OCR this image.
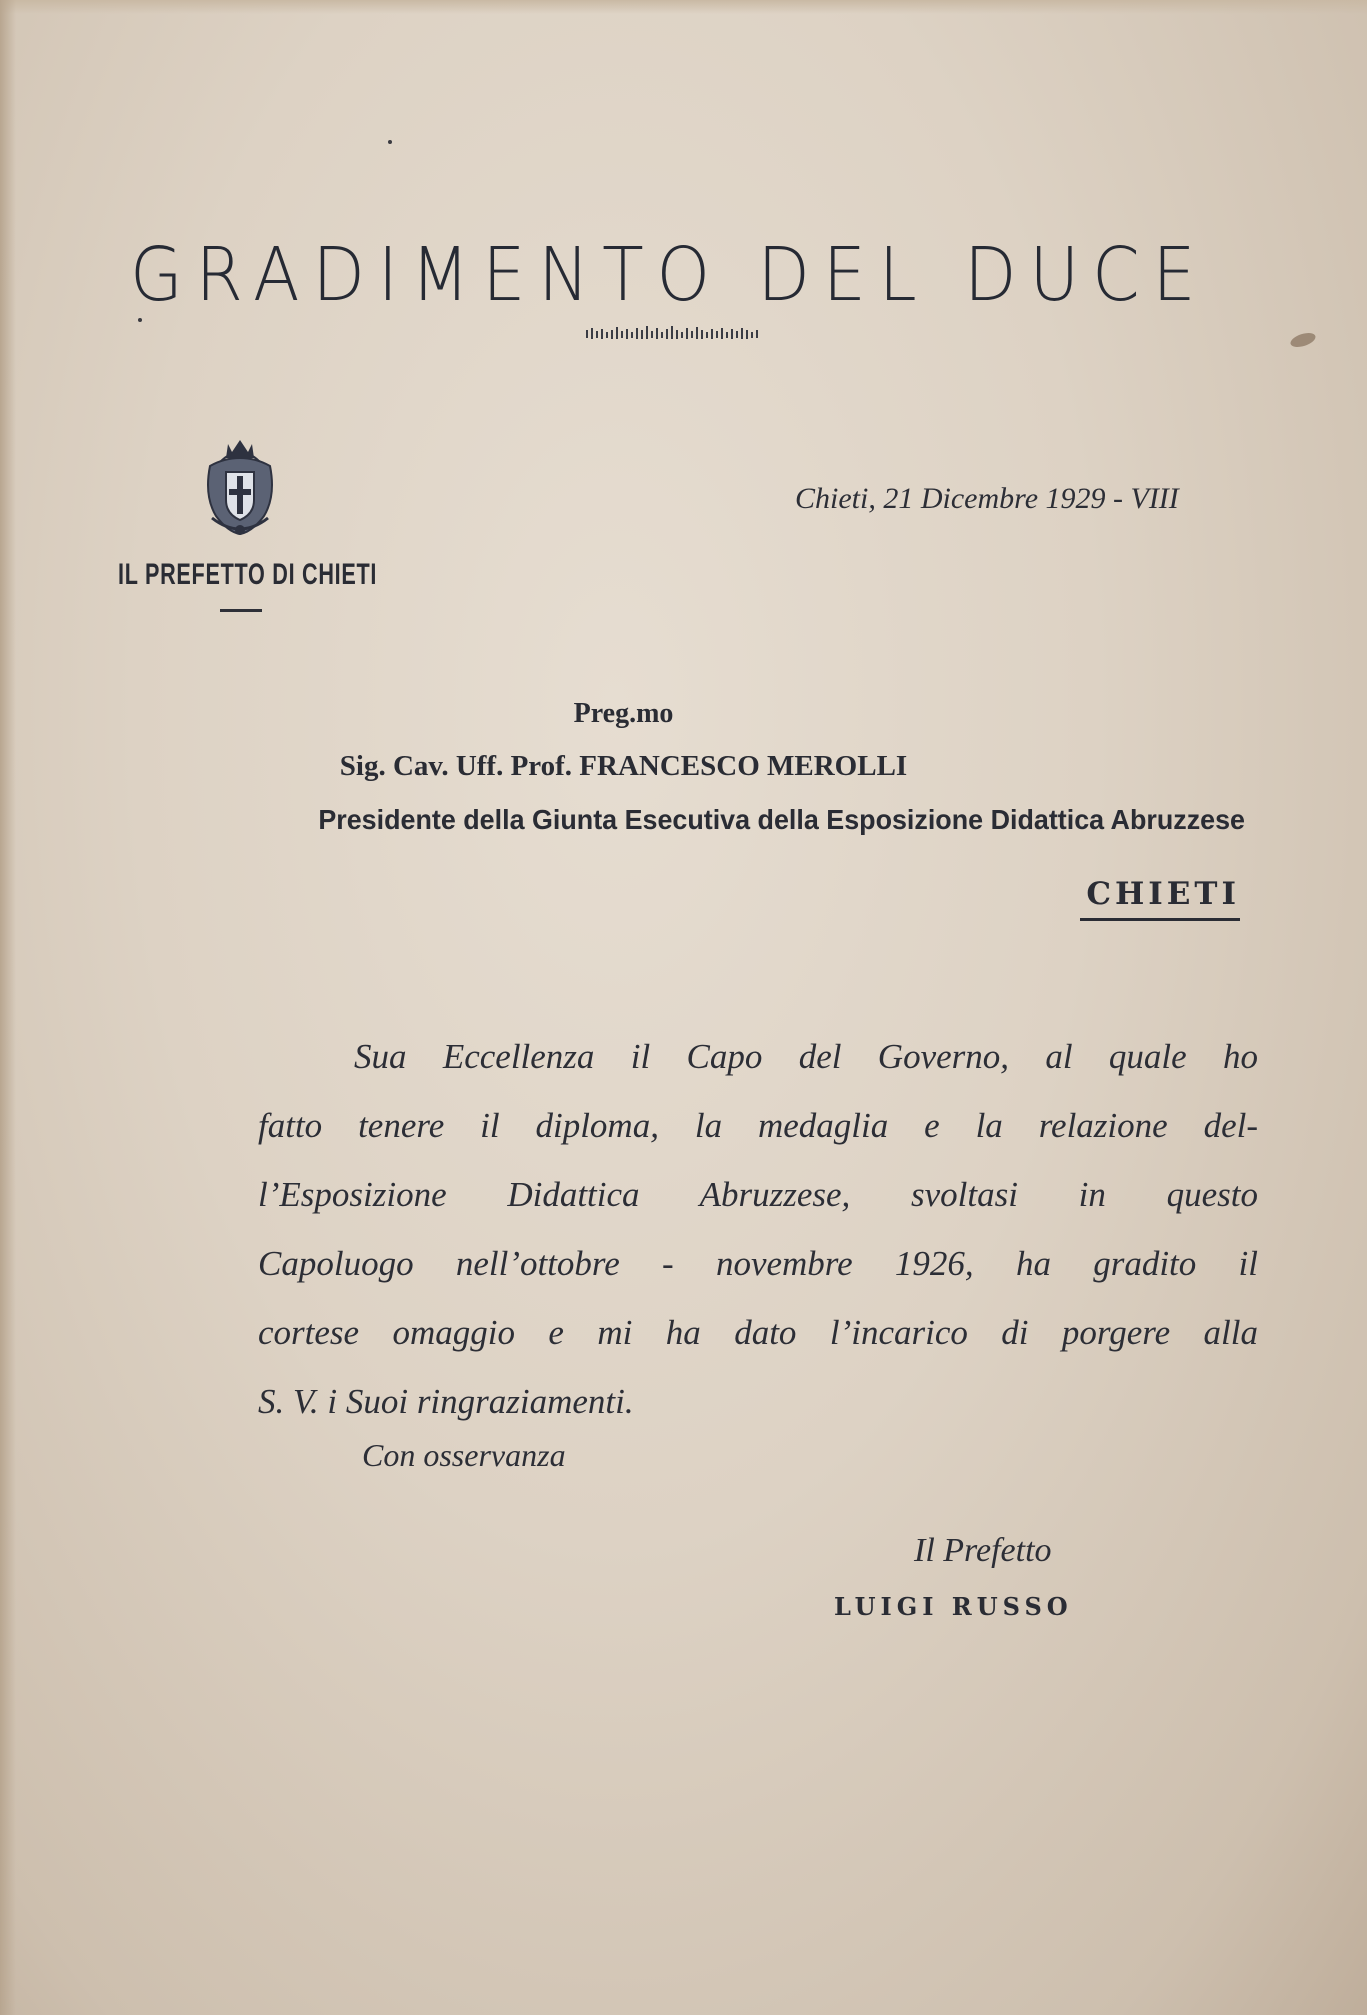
GRADIMENTO DEL DUCE
IL PREFETTO DI CHIETI
Chieti, 21 Dicembre 1929 - VIII
Preg.mo
Sig. Cav. Uff. Prof. FRANCESCO MEROLLI
Presidente della Giunta Esecutiva della Esposizione Didattica Abruzzese
CHIETI
Sua Eccellenza il Capo del Governo, al quale ho
fatto tenere il diploma, la medaglia e la relazione del-
l’Esposizione Didattica Abruzzese, svoltasi in questo
Capoluogo nell’ottobre - novembre 1926, ha gradito il
cortese omaggio e mi ha dato l’incarico di porgere alla
S. V. i Suoi ringraziamenti.
Con osservanza
Il Prefetto
LUIGI RUSSO
